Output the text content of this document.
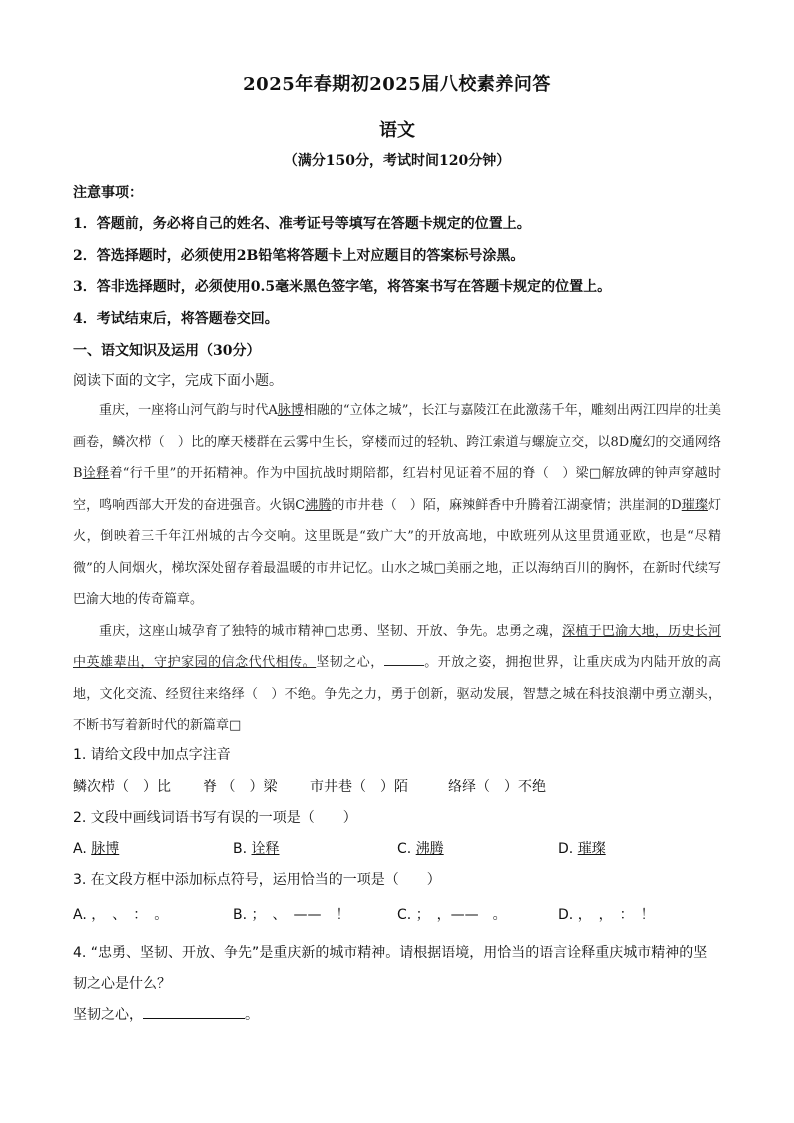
2025年春期初2025届八校素养问答
语文
（满分150分，考试时间120分钟）
注意事项：
1．答题前，务必将自己的姓名、准考证号等填写在答题卡规定的位置上。
2．答选择题时，必须使用2B铅笔将答题卡上对应题目的答案标号涂黑。
3．答非选择题时，必须使用0.5毫米黑色签字笔，将答案书写在答题卡规定的位置上。
4．考试结束后，将答题卷交回。
一、语文知识及运用（30分）
阅读下面的文字，完成下面小题。

重庆，一座将山河气韵与时代A脉博相融的“立体之城”，长江与嘉陵江在此激荡千年，雕刻出两江四岸的壮美画卷，鳞次栉（　）比的摩天楼群在云雾中生长，穿楼而过的轻轨、跨江索道与螺旋立交，以8D魔幻的交通网络B诠释着“行千里”的开拓精神。作为中国抗战时期陪都，红岩村见证着不屈的脊（　）梁□解放碑的钟声穿越时空，鸣响西部大开发的奋进强音。火锅C沸腾的市井巷（　）陌，麻辣鲜香中升腾着江湖豪情；洪崖洞的D璀璨灯火，倒映着三千年江州城的古今交响。这里既是“致广大”的开放高地，中欧班列从这里贯通亚欧，也是“尽精微”的人间烟火，梯坎深处留存着最温暖的市井记忆。山水之城□美丽之地，正以海纳百川的胸怀，在新时代续写巴渝大地的传奇篇章。

重庆，这座山城孕育了独特的城市精神□忠勇、坚韧、开放、争先。忠勇之魂，深植于巴渝大地，历史长河中英雄辈出，守护家园的信念代代相传。坚韧之心，	。开放之姿，拥抱世界，让重庆成为内陆开放的高地，文化交流、经贸往来络绎（　）不绝。争先之力，勇于创新，驱动发展，智慧之城在科技浪潮中勇立潮头，不断书写着新时代的新篇章□

1. 请给文段中加点字注音
鳞次栉（　）比 脊 （　）梁 市井巷（　）陌	络绎（　）不绝
2. 文段中画线词语书写有误的一项是（　　）
A. 脉博	B. 诠释	C. 沸腾	D. 璀璨
3. 在文段方框中添加标点符号，运用恰当的一项是（　　）
A. ，　、　：　。	B. ；　、　——　！	C. ；　，——　。	D. ，　，　：　！
4. “忠勇、坚韧、开放、争先”是重庆新的城市精神。请根据语境，用恰当的语言诠释重庆城市精神的坚
韧之心是什么？
坚韧之心，	。
